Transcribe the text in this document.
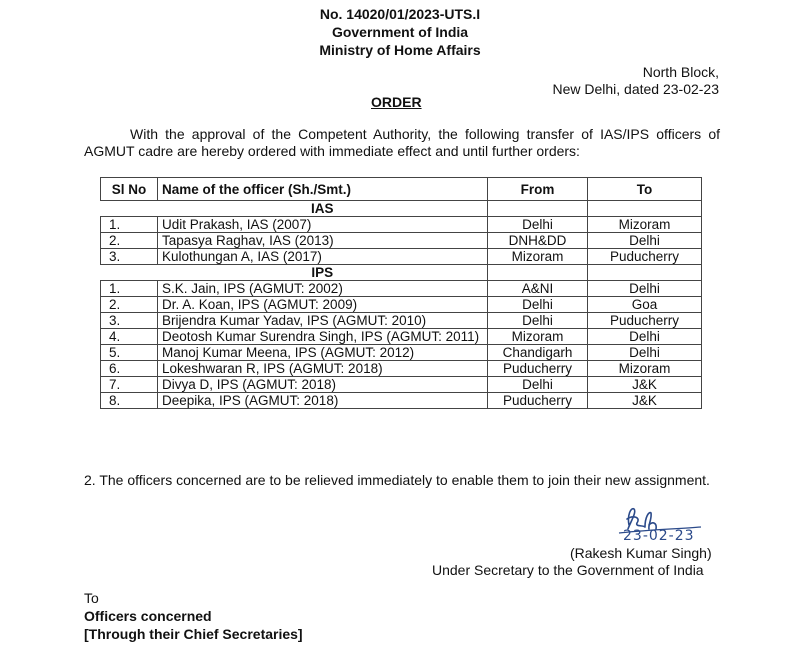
No. 14020/01/2023-UTS.I
Government of India
Ministry of Home Affairs
North Block,
New Delhi, dated 23-02-23
ORDER
With the approval of the Competent Authority, the following transfer of IAS/IPS officers of AGMUT cadre are hereby ordered with immediate effect and until further orders:
Sl No	Name of the officer (Sh./Smt.)	From	To
	IAS		
1.	Udit Prakash, IAS (2007)	Delhi	Mizoram
2.	Tapasya Raghav, IAS (2013)	DNH&DD	Delhi
3.	Kulothungan A, IAS (2017)	Mizoram	Puducherry
	IPS		
1.	S.K. Jain, IPS (AGMUT: 2002)	A&NI	Delhi
2.	Dr. A. Koan, IPS (AGMUT: 2009)	Delhi	Goa
3.	Brijendra Kumar Yadav, IPS (AGMUT: 2010)	Delhi	Puducherry
4.	Deotosh Kumar Surendra Singh, IPS (AGMUT: 2011)	Mizoram	Delhi
5.	Manoj Kumar Meena, IPS (AGMUT: 2012)	Chandigarh	Delhi
6.	Lokeshwaran R, IPS (AGMUT: 2018)	Puducherry	Mizoram
7.	Divya D, IPS (AGMUT: 2018)	Delhi	J&K
8.	Deepika, IPS (AGMUT: 2018)	Puducherry	J&K
2. The officers concerned are to be relieved immediately to enable them to join their new assignment.
23-02-23
(Rakesh Kumar Singh)
Under Secretary to the Government of India
To
Officers concerned
[Through their Chief Secretaries]
